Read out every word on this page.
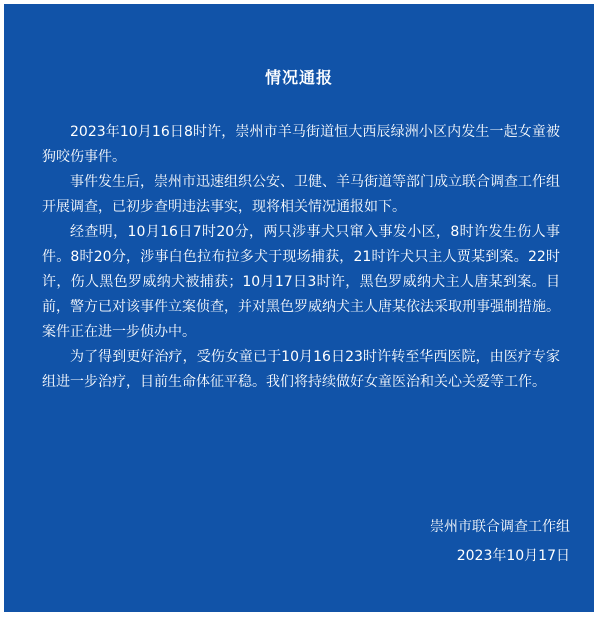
情况通报

2023年10月16日8时许，崇州市羊马街道恒大西辰绿洲小区内发生一起女童被狗咬伤事件。

事件发生后，崇州市迅速组织公安、卫健、羊马街道等部门成立联合调查工作组开展调查，已初步查明违法事实，现将相关情况通报如下。

经查明，10月16日7时20分，两只涉事犬只窜入事发小区，8时许发生伤人事件。8时20分，涉事白色拉布拉多犬于现场捕获，21时许犬只主人贾某到案。22时许，伤人黑色罗威纳犬被捕获；10月17日3时许，黑色罗威纳犬主人唐某到案。目前，警方已对该事件立案侦查，并对黑色罗威纳犬主人唐某依法采取刑事强制措施。案件正在进一步侦办中。

为了得到更好治疗，受伤女童已于10月16日23时许转至华西医院，由医疗专家组进一步治疗，目前生命体征平稳。我们将持续做好女童医治和关心关爱等工作。

崇州市联合调查工作组
2023年10月17日
